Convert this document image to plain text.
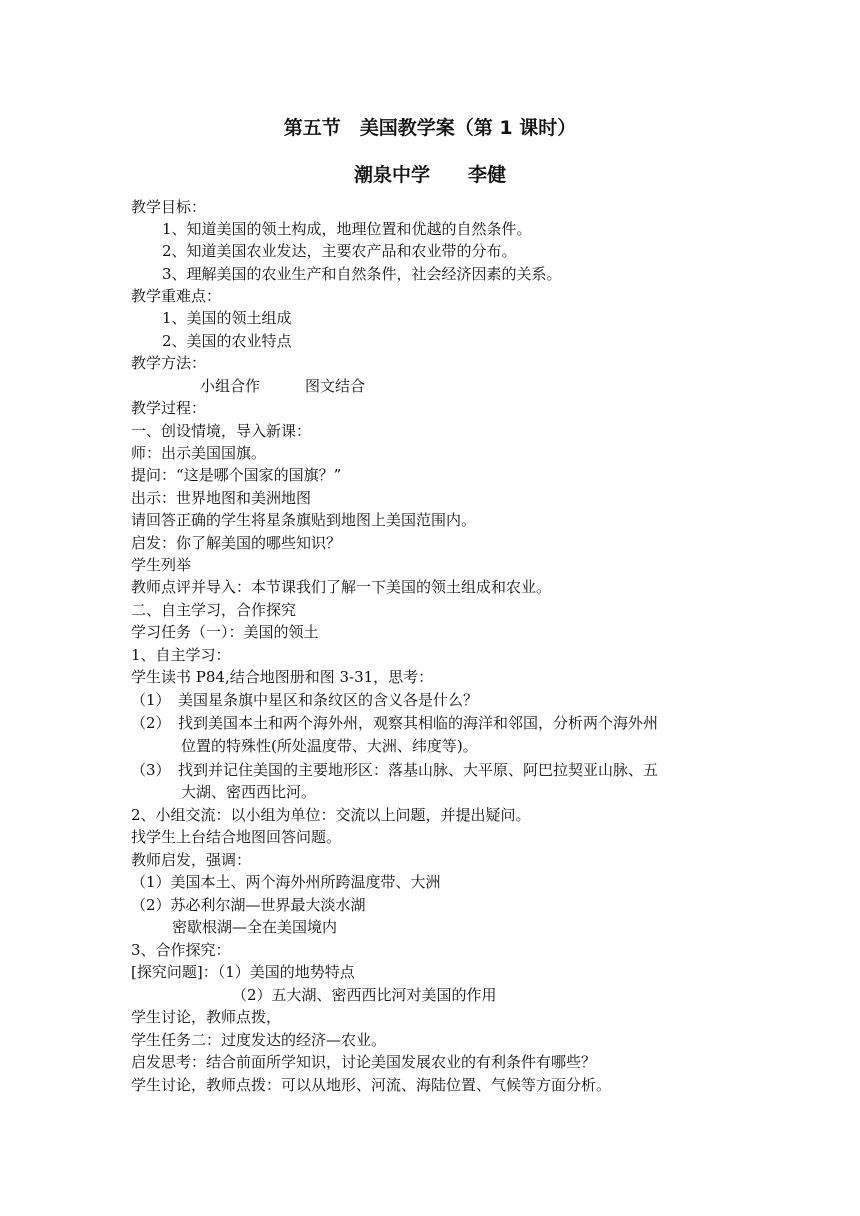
第五节　美国教学案（第 1 课时）
潮泉中学　　李健
教学目标：
1、知道美国的领土构成，地理位置和优越的自然条件。
2、知道美国农业发达，主要农产品和农业带的分布。
3、理解美国的农业生产和自然条件，社会经济因素的关系。
教学重难点：
1、美国的领土组成
2、美国的农业特点
教学方法：
小组合作　　　图文结合
教学过程：
一、创设情境，导入新课：
师：出示美国国旗。
提问：“这是哪个国家的国旗？”
出示：世界地图和美洲地图
请回答正确的学生将星条旗贴到地图上美国范围内。
启发：你了解美国的哪些知识？
学生列举
教师点评并导入：本节课我们了解一下美国的领土组成和农业。
二、自主学习，合作探究
学习任务（一）：美国的领土
1、自主学习：
学生读书 P84,结合地图册和图 3-31，思考：
（1）　美国星条旗中星区和条纹区的含义各是什么？
（2）　找到美国本土和两个海外州，观察其相临的海洋和邻国，分析两个海外州
位置的特殊性(所处温度带、大洲、纬度等)。
（3）　找到并记住美国的主要地形区：落基山脉、大平原、阿巴拉契亚山脉、五
大湖、密西西比河。
2、小组交流：以小组为单位：交流以上问题，并提出疑问。
找学生上台结合地图回答问题。
教师启发，强调：
（1）美国本土、两个海外州所跨温度带、大洲
（2）苏必利尔湖—世界最大淡水湖
密歇根湖—全在美国境内
3、合作探究：
[探究问题]：（1）美国的地势特点
（2）五大湖、密西西比河对美国的作用
学生讨论，教师点拨，
学生任务二：过度发达的经济—农业。
启发思考：结合前面所学知识，讨论美国发展农业的有利条件有哪些？
学生讨论，教师点拨：可以从地形、河流、海陆位置、气候等方面分析。
